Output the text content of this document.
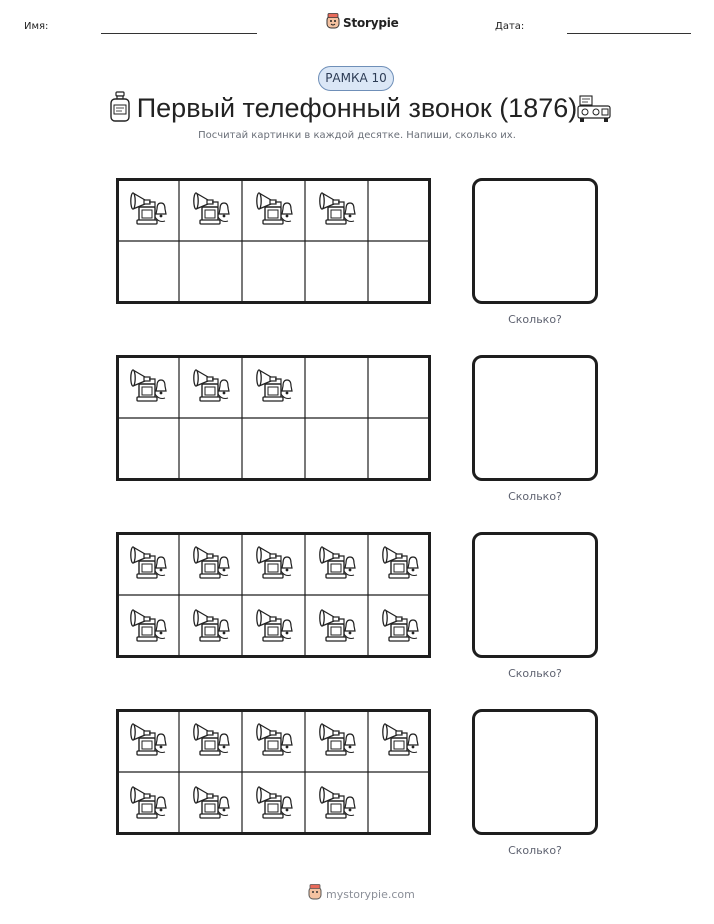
Имя:	Storypie	Дата:
РАМКА 10
Первый телефонный звонок (1876)
Посчитай картинки в каждой десятке. Напиши, сколько их.
Сколько?
Сколько?
Сколько?
Сколько?
mystorypie.com
